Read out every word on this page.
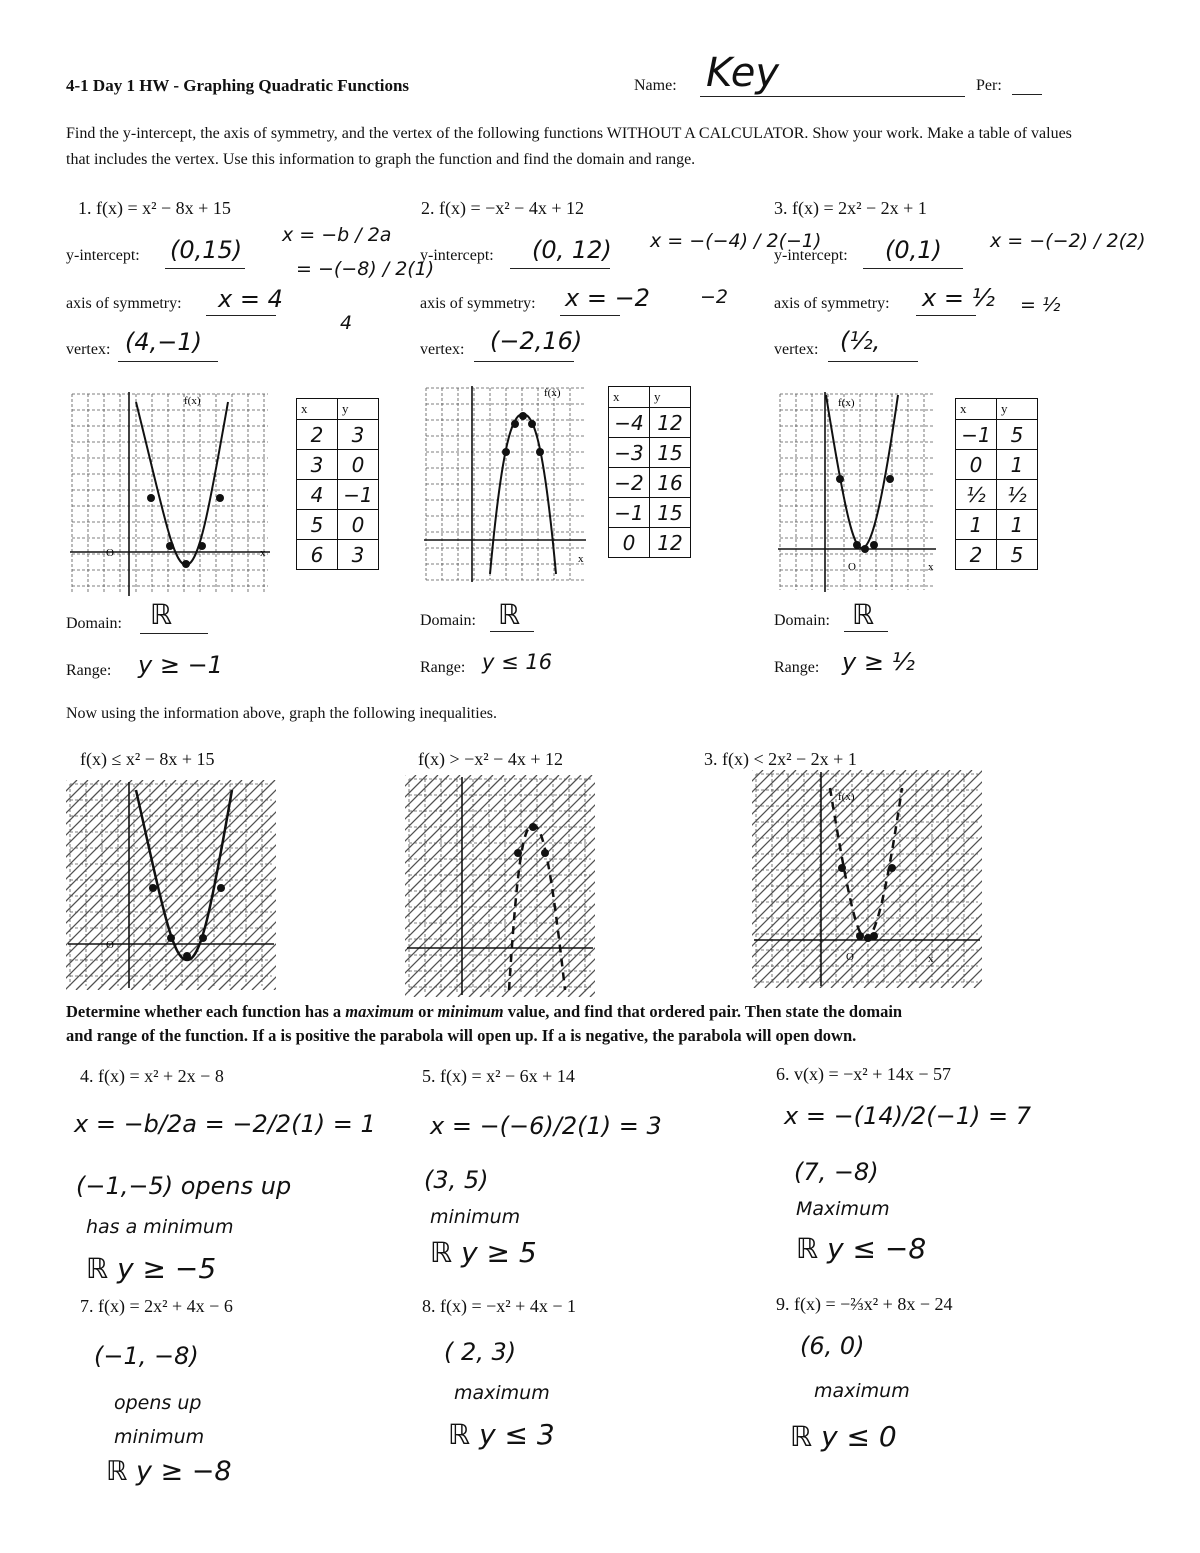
4-1 Day 1 HW - Graphing Quadratic Functions	Name: Key	Per:
Find the y-intercept, the axis of symmetry, and the vertex of the following functions WITHOUT A CALCULATOR. Show your work. Make a table of values that includes the vertex. Use this information to graph the function and find the domain and range.
1. f(x) = x² − 8x + 15
y-intercept: (0,15)
axis of symmetry: x = 4
vertex: (4,−1)
x = −b / 2a
= −(−8) / 2(1)
4
2. f(x) = −x² − 4x + 12
y-intercept: (0, 12)
axis of symmetry: x = −2
vertex: (−2,16)
x = −(−4) / 2(−1)
−2
3. f(x) = 2x² − 2x + 1
y-intercept: (0,1)
axis of symmetry: x = ½
vertex: (½,
x = −(−2) / 2(2)
= ½
f(x)
O	x
x	y
2	3
3	0
4	−1
5	0
6	3
f(x)
x
x	y
−4	12
−3	15
−2	16
−1	15
0	12
f(x)
O	x
x	y
−1	5
0	1
½	½
1	1
2	5
Domain: ℝ
Range: y ≥ −1
Domain: ℝ
Range: y ≤ 16
Domain: ℝ
Range: y ≥ ½
Now using the information above, graph the following inequalities.
f(x) ≤ x² − 8x + 15	f(x) > −x² − 4x + 12	3. f(x) < 2x² − 2x + 1
O
f(x)
O	x
Determine whether each function has a maximum or minimum value, and find that ordered pair. Then state the domain
and range of the function. If a is positive the parabola will open up. If a is negative, the parabola will open down.
4. f(x) = x² + 2x − 8
x = −b/2a = −2/2(1) = 1
(−1,−5) opens up
has a minimum
ℝ y ≥ −5
5. f(x) = x² − 6x + 14
x = −(−6)/2(1) = 3
(3, 5)
minimum
ℝ y ≥ 5
6. v(x) = −x² + 14x − 57
x = −(14)/2(−1) = 7
(7, −8)
Maximum
ℝ y ≤ −8
7. f(x) = 2x² + 4x − 6
(−1, −8)
opens up
minimum
ℝ y ≥ −8
8. f(x) = −x² + 4x − 1
( 2, 3)
maximum
ℝ y ≤ 3
9. f(x) = −⅔x² + 8x − 24
(6, 0)
maximum
ℝ y ≤ 0
